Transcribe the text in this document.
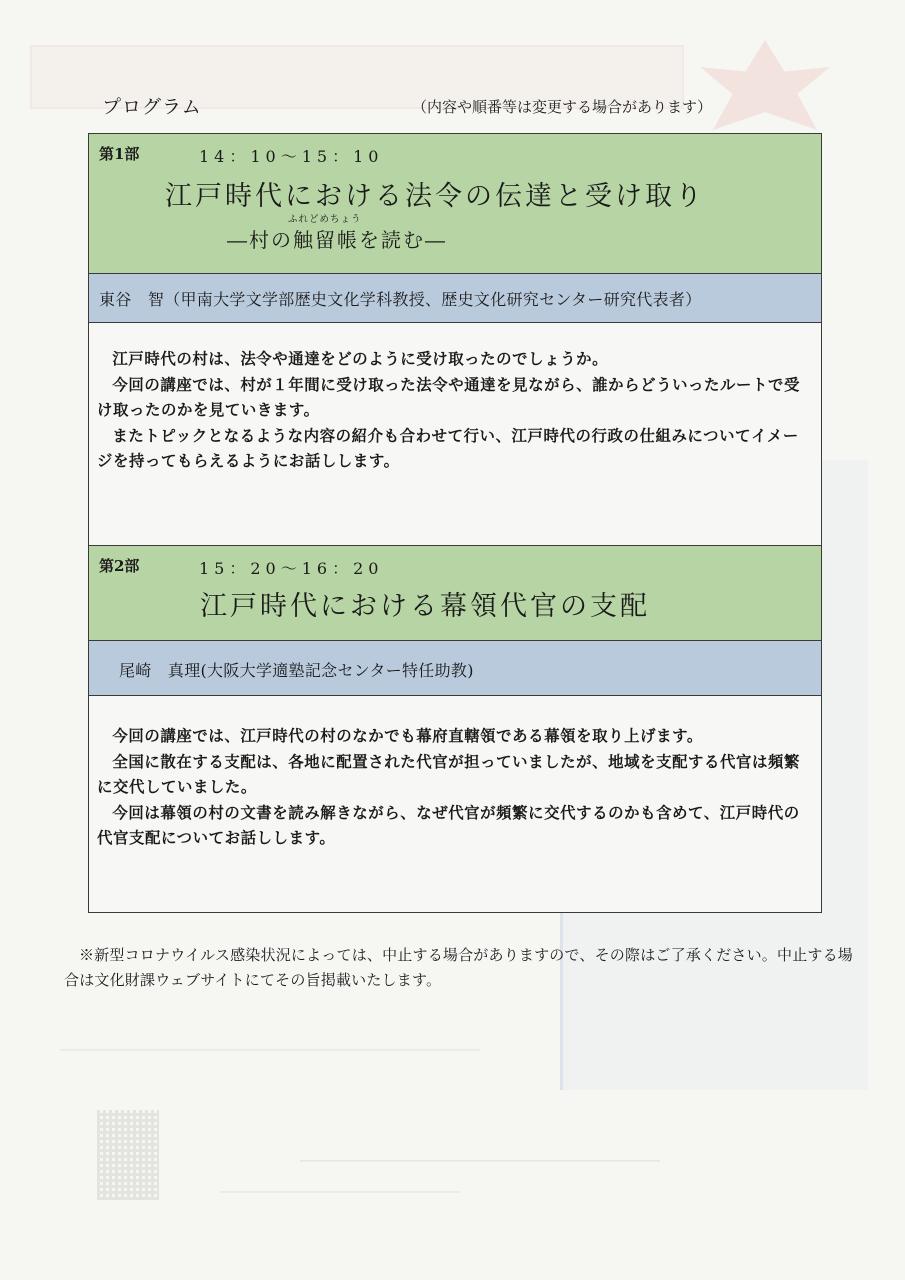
――――――――――――――――――――――――――――
――――――――――――――――――――
――――――――――――――――
プログラム	（内容や順番等は変更する場合があります）
第1部	14：10〜15：10
江戸時代における法令の伝達と受け取り
ふれどめちょう
―村の触留帳を読む―
東谷　智（甲南大学文学部歴史文化学科教授、歴史文化研究センター研究代表者）
江戸時代の村は、法令や通達をどのように受け取ったのでしょうか。
今回の講座では、村が１年間に受け取った法令や通達を見ながら、誰からどういったルートで受け取ったのかを見ていきます。
またトピックとなるような内容の紹介も合わせて行い、江戸時代の行政の仕組みについてイメージを持ってもらえるようにお話しします。
第2部	15：20〜16：20
江戸時代における幕領代官の支配
尾崎　真理(大阪大学適塾記念センター特任助教)
今回の講座では、江戸時代の村のなかでも幕府直轄領である幕領を取り上げます。
全国に散在する支配は、各地に配置された代官が担っていましたが、地域を支配する代官は頻繁に交代していました。
今回は幕領の村の文書を読み解きながら、なぜ代官が頻繁に交代するのかも含めて、江戸時代の代官支配についてお話しします。
※新型コロナウイルス感染状況によっては、中止する場合がありますので、その際はご了承ください。中止する場合は文化財課ウェブサイトにてその旨掲載いたします。
